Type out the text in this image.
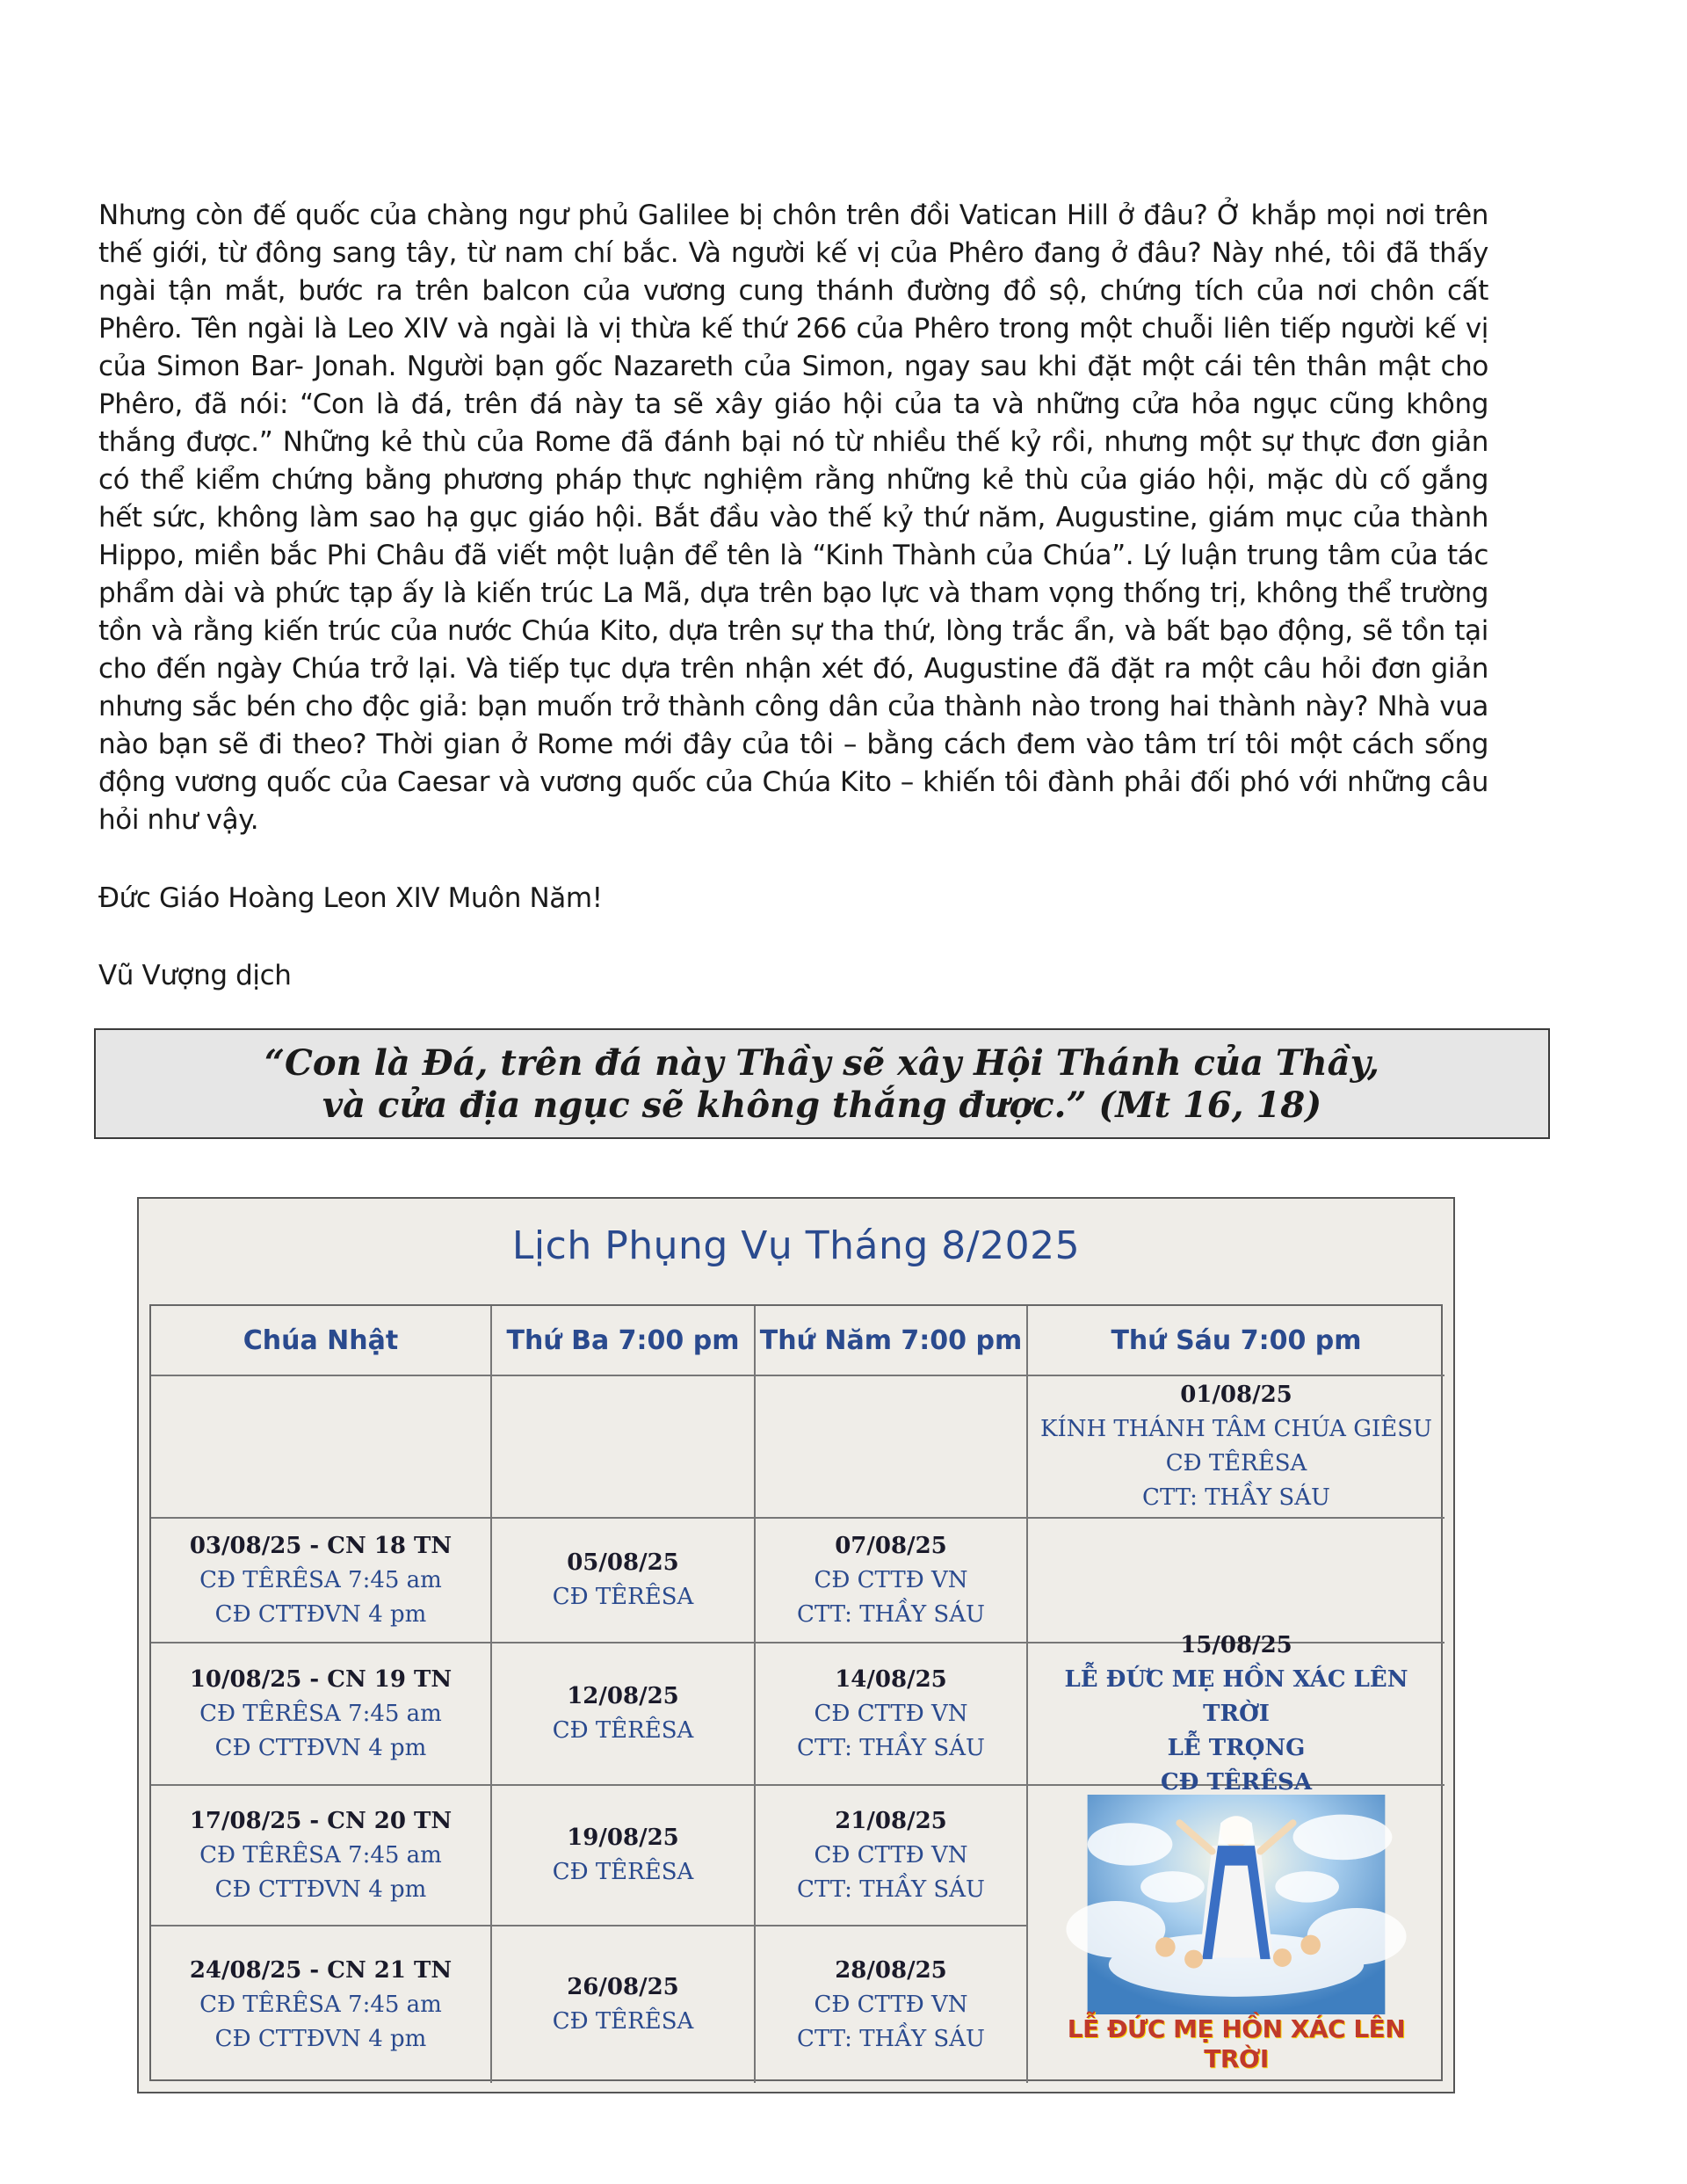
Nhưng còn đế quốc của chàng ngư phủ Galilee bị chôn trên đồi Vatican Hill ở đâu? Ở khắp mọi nơi trên thế giới, từ đông sang tây, từ nam chí bắc. Và người kế vị của Phêro đang ở đâu? Này nhé, tôi đã thấy ngài tận mắt, bước ra trên balcon của vương cung thánh đường đồ sộ, chứng tích của nơi chôn cất Phêro. Tên ngài là Leo XIV và ngài là vị thừa kế thứ 266 của Phêro trong một chuỗi liên tiếp người kế vị của Simon Bar- Jonah. Người bạn gốc Nazareth của Simon, ngay sau khi đặt một cái tên thân mật cho Phêro, đã nói: “Con là đá, trên đá này ta sẽ xây giáo hội của ta và những cửa hỏa ngục cũng không thắng được.” Những kẻ thù của Rome đã đánh bại nó từ nhiều thế kỷ rồi, nhưng một sự thực đơn giản có thể kiểm chứng bằng phương pháp thực nghiệm rằng những kẻ thù của giáo hội, mặc dù cố gắng hết sức, không làm sao hạ gục giáo hội. Bắt đầu vào thế kỷ thứ năm, Augustine, giám mục của thành Hippo, miền bắc Phi Châu đã viết một luận để tên là “Kinh Thành của Chúa”. Lý luận trung tâm của tác phẩm dài và phức tạp ấy là kiến trúc La Mã, dựa trên bạo lực và tham vọng thống trị, không thể trường tồn và rằng kiến trúc của nước Chúa Kito, dựa trên sự tha thứ, lòng trắc ẩn, và bất bạo động, sẽ tồn tại cho đến ngày Chúa trở lại. Và tiếp tục dựa trên nhận xét đó, Augustine đã đặt ra một câu hỏi đơn giản nhưng sắc bén cho độc giả: bạn muốn trở thành công dân của thành nào trong hai thành này? Nhà vua nào bạn sẽ đi theo? Thời gian ở Rome mới đây của tôi – bằng cách đem vào tâm trí tôi một cách sống động vương quốc của Caesar và vương quốc của Chúa Kito – khiến tôi đành phải đối phó với những câu hỏi như vậy.

Đức Giáo Hoàng Leon XIV Muôn Năm!

Vũ Vượng dịch

“Con là Đá, trên đá này Thầy sẽ xây Hội Thánh của Thầy,
và cửa địa ngục sẽ không thắng được.” (Mt 16, 18)
Lịch Phụng Vụ Tháng 8/2025
Chúa Nhật	Thứ Ba 7:00 pm Thứ Năm 7:00 pm	Thứ Sáu 7:00 pm
01/08/25
KÍNH THÁNH TÂM CHÚA GIÊSU
CĐ TÊRÊSA
CTT: THẦY SÁU
03/08/25 - CN 18 TN
CĐ TÊRÊSA 7:45 am
CĐ CTTĐVN 4 pm
05/08/25
CĐ TÊRÊSA
07/08/25
CĐ CTTĐ VN
CTT: THẦY SÁU
10/08/25 - CN 19 TN
CĐ TÊRÊSA 7:45 am
CĐ CTTĐVN 4 pm
12/08/25
CĐ TÊRÊSA
14/08/25
CĐ CTTĐ VN
CTT: THẦY SÁU
15/08/25
LỄ ĐỨC MẸ HỒN XÁC LÊN TRỜI
LỄ TRỌNG
CĐ TÊRÊSA
17/08/25 - CN 20 TN
CĐ TÊRÊSA 7:45 am
CĐ CTTĐVN 4 pm
19/08/25
CĐ TÊRÊSA
21/08/25
CĐ CTTĐ VN
CTT: THẦY SÁU
LỄ ĐỨC MẸ HỒN XÁC LÊN TRỜI
24/08/25 - CN 21 TN
CĐ TÊRÊSA 7:45 am
CĐ CTTĐVN 4 pm
26/08/25
CĐ TÊRÊSA
28/08/25
CĐ CTTĐ VN
CTT: THẦY SÁU
